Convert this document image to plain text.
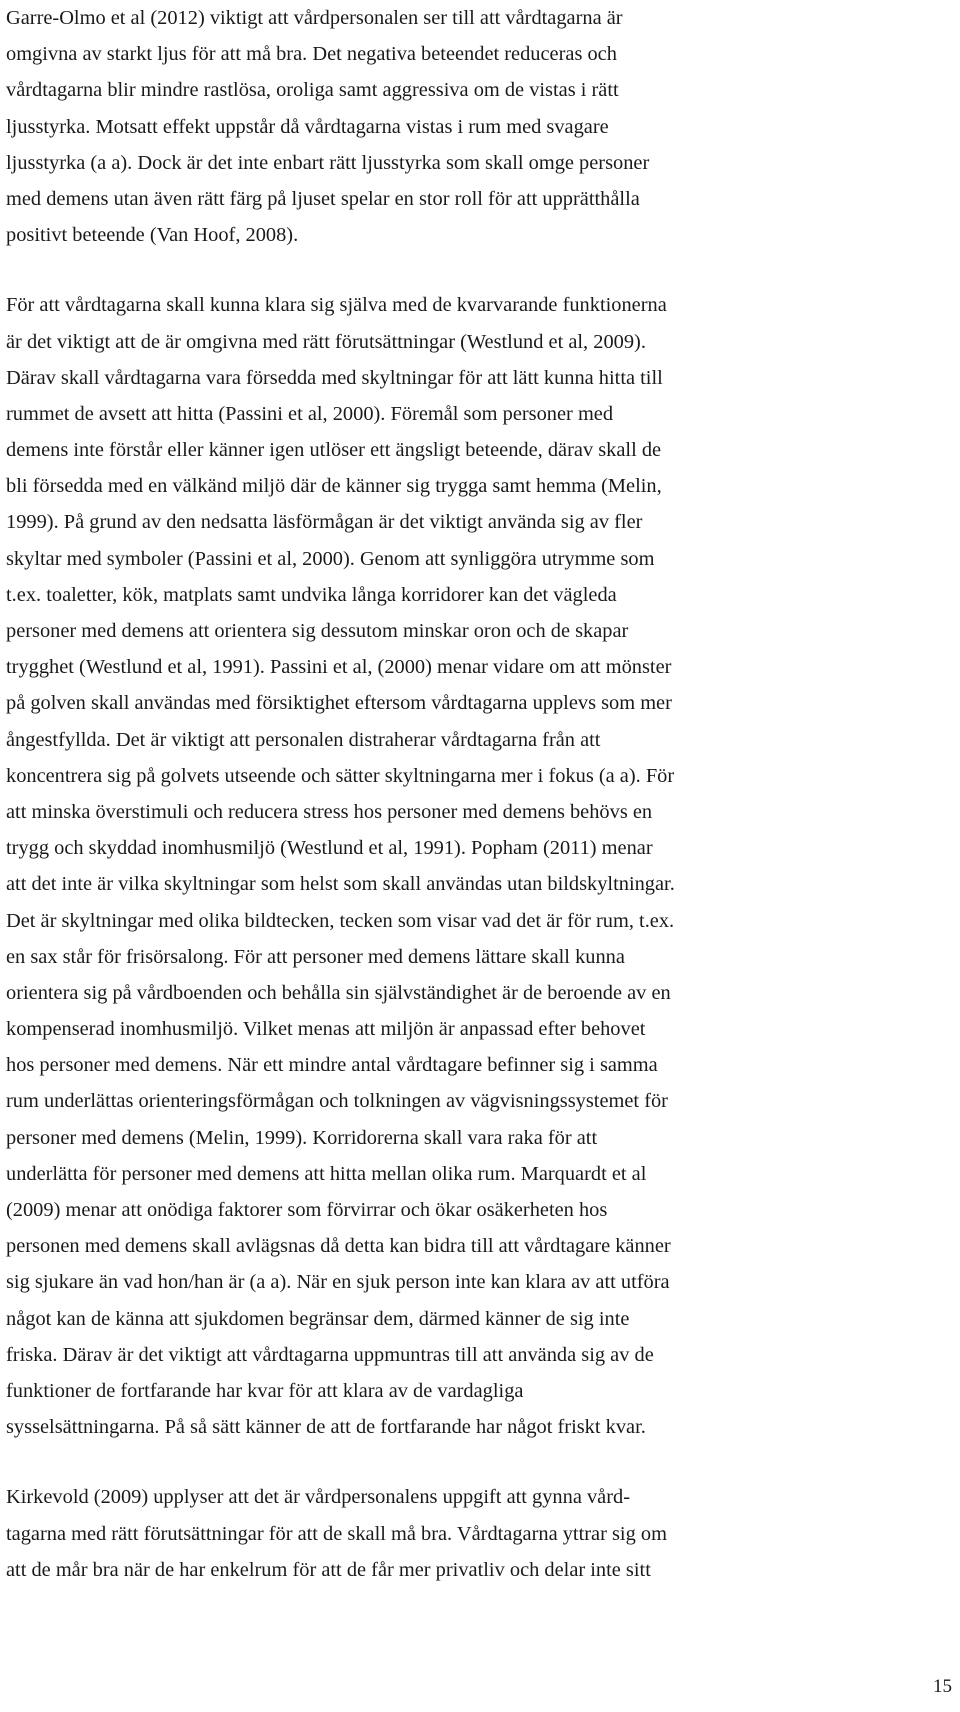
Garre-Olmo et al (2012) viktigt att vårdpersonalen ser till att vårdtagarna är
omgivna av starkt ljus för att må bra. Det negativa beteendet reduceras och
vårdtagarna blir mindre rastlösa, oroliga samt aggressiva om de vistas i rätt
ljusstyrka. Motsatt effekt uppstår då vårdtagarna vistas i rum med svagare
ljusstyrka (a a). Dock är det inte enbart rätt ljusstyrka som skall omge personer
med demens utan även rätt färg på ljuset spelar en stor roll för att upprätthålla
positivt beteende (Van Hoof, 2008).
För att vårdtagarna skall kunna klara sig själva med de kvarvarande funktionerna
är det viktigt att de är omgivna med rätt förutsättningar (Westlund et al, 2009).
Därav skall vårdtagarna vara försedda med skyltningar för att lätt kunna hitta till
rummet de avsett att hitta (Passini et al, 2000). Föremål som personer med
demens inte förstår eller känner igen utlöser ett ängsligt beteende, därav skall de
bli försedda med en välkänd miljö där de känner sig trygga samt hemma (Melin,
1999). På grund av den nedsatta läsförmågan är det viktigt använda sig av fler
skyltar med symboler (Passini et al, 2000). Genom att synliggöra utrymme som
t.ex. toaletter, kök, matplats samt undvika långa korridorer kan det vägleda
personer med demens att orientera sig dessutom minskar oron och de skapar
trygghet (Westlund et al, 1991). Passini et al, (2000) menar vidare om att mönster
på golven skall användas med försiktighet eftersom vårdtagarna upplevs som mer
ångestfyllda. Det är viktigt att personalen distraherar vårdtagarna från att
koncentrera sig på golvets utseende och sätter skyltningarna mer i fokus (a a). För
att minska överstimuli och reducera stress hos personer med demens behövs en
trygg och skyddad inomhusmiljö (Westlund et al, 1991). Popham (2011) menar
att det inte är vilka skyltningar som helst som skall användas utan bildskyltningar.
Det är skyltningar med olika bildtecken, tecken som visar vad det är för rum, t.ex.
en sax står för frisörsalong. För att personer med demens lättare skall kunna
orientera sig på vårdboenden och behålla sin självständighet är de beroende av en
kompenserad inomhusmiljö. Vilket menas att miljön är anpassad efter behovet
hos personer med demens. När ett mindre antal vårdtagare befinner sig i samma
rum underlättas orienteringsförmågan och tolkningen av vägvisningssystemet för
personer med demens (Melin, 1999). Korridorerna skall vara raka för att
underlätta för personer med demens att hitta mellan olika rum. Marquardt et al
(2009) menar att onödiga faktorer som förvirrar och ökar osäkerheten hos
personen med demens skall avlägsnas då detta kan bidra till att vårdtagare känner
sig sjukare än vad hon/han är (a a). När en sjuk person inte kan klara av att utföra
något kan de känna att sjukdomen begränsar dem, därmed känner de sig inte
friska. Därav är det viktigt att vårdtagarna uppmuntras till att använda sig av de
funktioner de fortfarande har kvar för att klara av de vardagliga
sysselsättningarna. På så sätt känner de att de fortfarande har något friskt kvar.
Kirkevold (2009) upplyser att det är vårdpersonalens uppgift att gynna vård-
tagarna med rätt förutsättningar för att de skall må bra. Vårdtagarna yttrar sig om
att de mår bra när de har enkelrum för att de får mer privatliv och delar inte sitt
15
